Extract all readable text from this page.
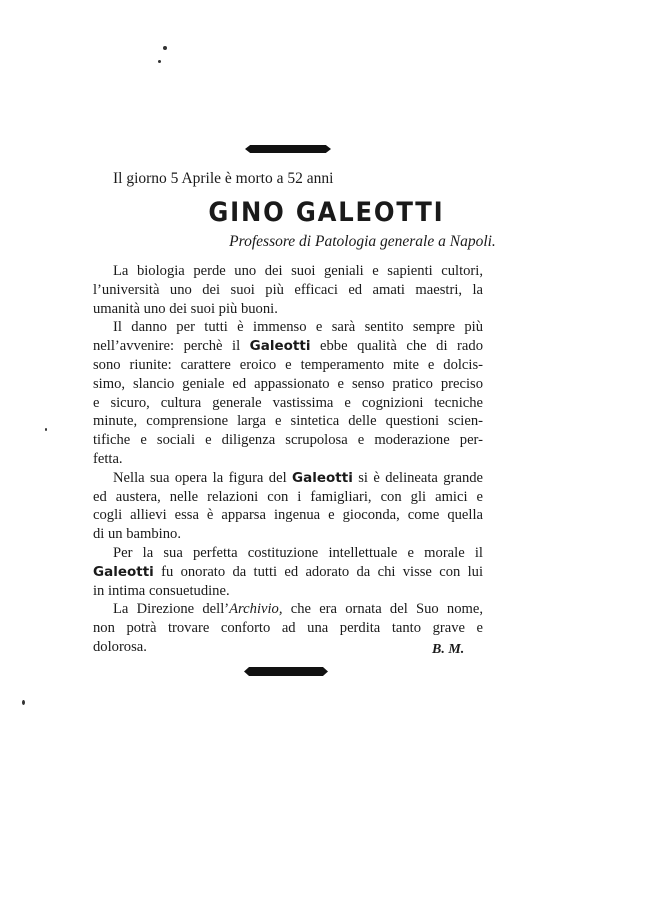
Il giorno 5 Aprile è morto a 52 anni
GINO GALEOTTI
Professore di Patologia generale a Napoli.
La biologia perde uno dei suoi geniali e sapienti cultori,
l’università uno dei suoi più efficaci ed amati maestri, la
umanità uno dei suoi più buoni.
Il danno per tutti è immenso e sarà sentito sempre più
nell’avvenire: perchè il Galeotti ebbe qualità che di rado
sono riunite: carattere eroico e temperamento mite e dolcis-
simo, slancio geniale ed appassionato e senso pratico preciso
e sicuro, cultura generale vastissima e cognizioni tecniche
minute, comprensione larga e sintetica delle questioni scien-
tifiche e sociali e diligenza scrupolosa e moderazione per-
fetta.
Nella sua opera la figura del Galeotti si è delineata grande
ed austera, nelle relazioni con i famigliari, con gli amici e
cogli allievi essa è apparsa ingenua e gioconda, come quella
di un bambino.
Per la sua perfetta costituzione intellettuale e morale il
Galeotti fu onorato da tutti ed adorato da chi visse con lui
in intima consuetudine.
La Direzione dell’Archivio, che era ornata del Suo nome,
non potrà trovare conforto ad una perdita tanto grave e
dolorosa.	B. M.
